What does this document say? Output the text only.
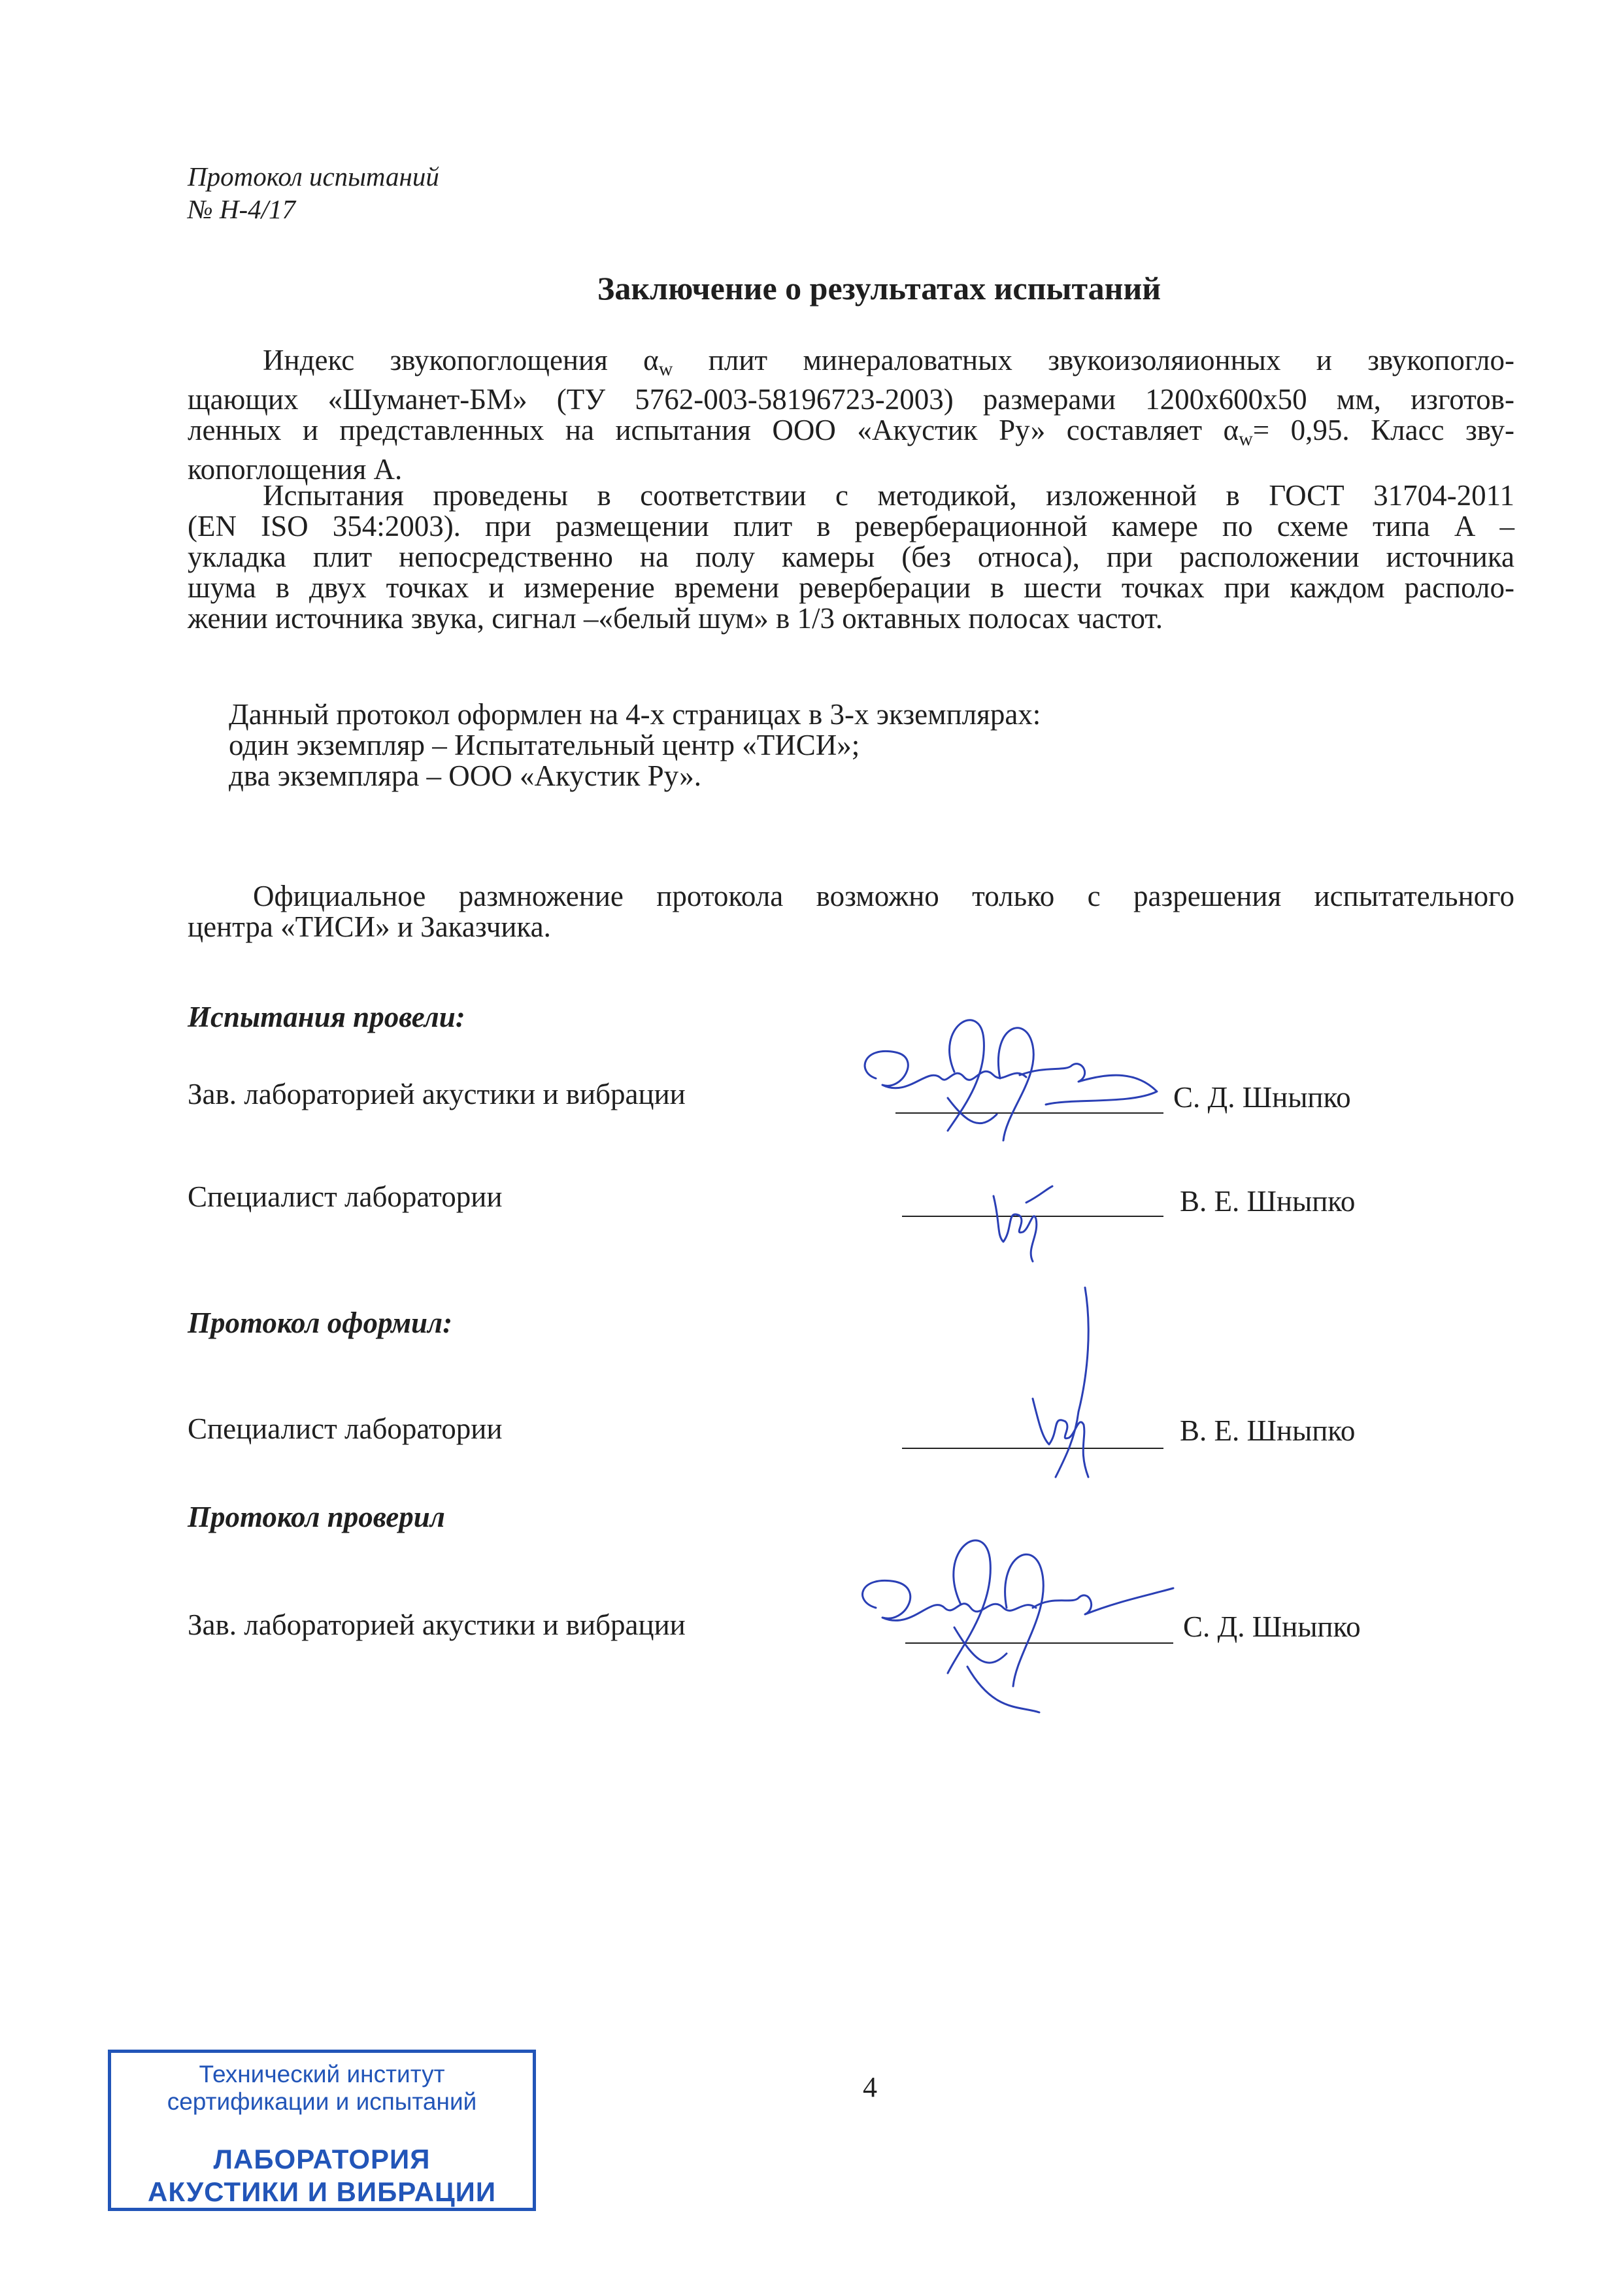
Протокол испытаний
№ Н-4/17
Заключение о результатах испытаний
Индекс звукопоглощения $\alpha_w$ плит минераловатных звукоизоляионных и звукопогло-
щающих «Шуманет-БМ» (ТУ 5762-003-58196723-2003) размерами 1200х600х50 мм, изготов-
ленных и представленных на испытания ООО «Акустик Ру» составляет $\alpha_w= 0,95$. Класс зву-
копоглощения А.
Испытания проведены в соответствии с методикой, изложенной в ГОСТ 31704-2011
(EN ISO 354:2003). при размещении плит в реверберационной камере по схеме типа А –
укладка плит непосредственно на полу камеры (без относа), при расположении источника
шума в двух точках и измерение времени реверберации в шести точках при каждом располо-
жении источника звука, сигнал –«белый шум» в 1/3 октавных полосах частот.
Данный протокол оформлен на 4-х страницах в 3-х экземплярах:
один экземпляр – Испытательный центр «ТИСИ»;
два экземпляра – ООО «Акустик Ру».
Официальное размножение протокола возможно только с разрешения испытательного
центра «ТИСИ» и Заказчика.
Испытания провели:
Зав. лабораторией акустики и вибрации	С. Д. Шныпко
Специалист лаборатории	В. Е. Шныпко
Протокол оформил:
Специалист лаборатории	В. Е. Шныпко
Протокол проверил
Зав. лабораторией акустики и вибрации	С. Д. Шныпко
4
Технический институт
сертификации и испытаний
ЛАБОРАТОРИЯ
АКУСТИКИ И ВИБРАЦИИ
